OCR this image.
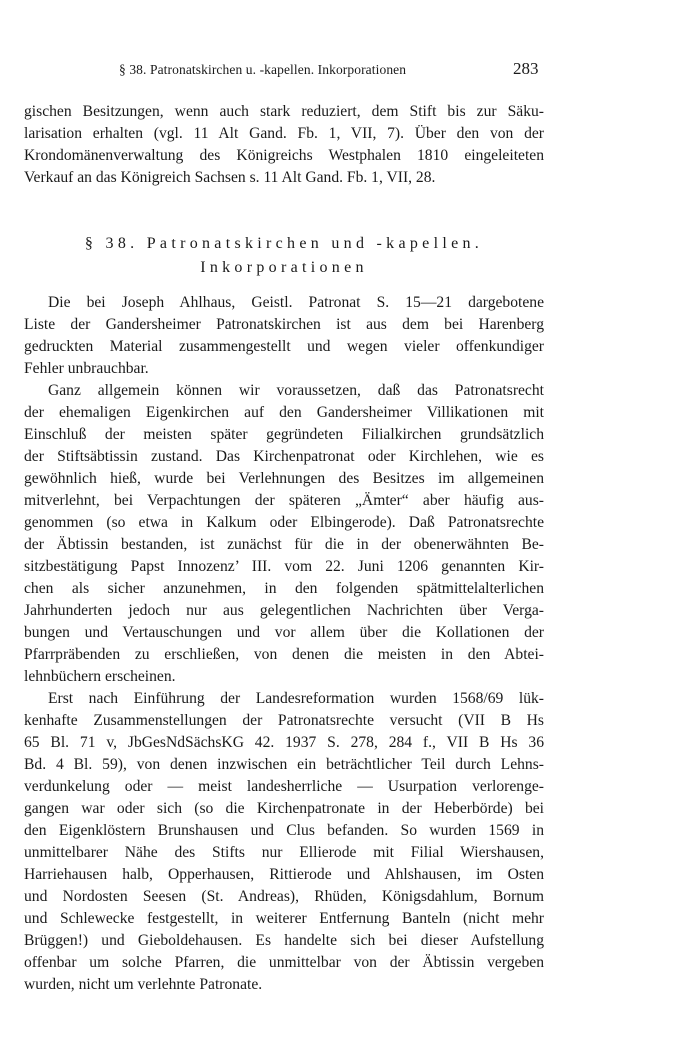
§ 38. Patronatskirchen u. -kapellen. Inkorporationen	283
gischen Besitzungen, wenn auch stark reduziert, dem Stift bis zur Säku-
larisation erhalten (vgl. 11 Alt Gand. Fb. 1, VII, 7). Über den von der
Krondomänenverwaltung des Königreichs Westphalen 1810 eingeleiteten
Verkauf an das Königreich Sachsen s. 11 Alt Gand. Fb. 1, VII, 28.
§ 38. Patronatskirchen und -kapellen.
Inkorporationen
Die bei Joseph Ahlhaus, Geistl. Patronat S. 15—21 dargebotene
Liste der Gandersheimer Patronatskirchen ist aus dem bei Harenberg
gedruckten Material zusammengestellt und wegen vieler offenkundiger
Fehler unbrauchbar.
Ganz allgemein können wir voraussetzen, daß das Patronatsrecht
der ehemaligen Eigenkirchen auf den Gandersheimer Villikationen mit
Einschluß der meisten später gegründeten Filialkirchen grundsätzlich
der Stiftsäbtissin zustand. Das Kirchenpatronat oder Kirchlehen, wie es
gewöhnlich hieß, wurde bei Verlehnungen des Besitzes im allgemeinen
mitverlehnt, bei Verpachtungen der späteren „Ämter“ aber häufig aus-
genommen (so etwa in Kalkum oder Elbingerode). Daß Patronatsrechte
der Äbtissin bestanden, ist zunächst für die in der obenerwähnten Be-
sitzbestätigung Papst Innozenz’ III. vom 22. Juni 1206 genannten Kir-
chen als sicher anzunehmen, in den folgenden spätmittelalterlichen
Jahrhunderten jedoch nur aus gelegentlichen Nachrichten über Verga-
bungen und Vertauschungen und vor allem über die Kollationen der
Pfarrpräbenden zu erschließen, von denen die meisten in den Abtei-
lehnbüchern erscheinen.
Erst nach Einführung der Landesreformation wurden 1568/69 lük-
kenhafte Zusammenstellungen der Patronatsrechte versucht (VII B Hs
65 Bl. 71 v, JbGesNdSächsKG 42. 1937 S. 278, 284 f., VII B Hs 36
Bd. 4 Bl. 59), von denen inzwischen ein beträchtlicher Teil durch Lehns-
verdunkelung oder — meist landesherrliche — Usurpation verlorenge-
gangen war oder sich (so die Kirchenpatronate in der Heberbörde) bei
den Eigenklöstern Brunshausen und Clus befanden. So wurden 1569 in
unmittelbarer Nähe des Stifts nur Ellierode mit Filial Wiershausen,
Harriehausen halb, Opperhausen, Rittierode und Ahlshausen, im Osten
und Nordosten Seesen (St. Andreas), Rhüden, Königsdahlum, Bornum
und Schlewecke festgestellt, in weiterer Entfernung Banteln (nicht mehr
Brüggen!) und Gieboldehausen. Es handelte sich bei dieser Aufstellung
offenbar um solche Pfarren, die unmittelbar von der Äbtissin vergeben
wurden, nicht um verlehnte Patronate.
